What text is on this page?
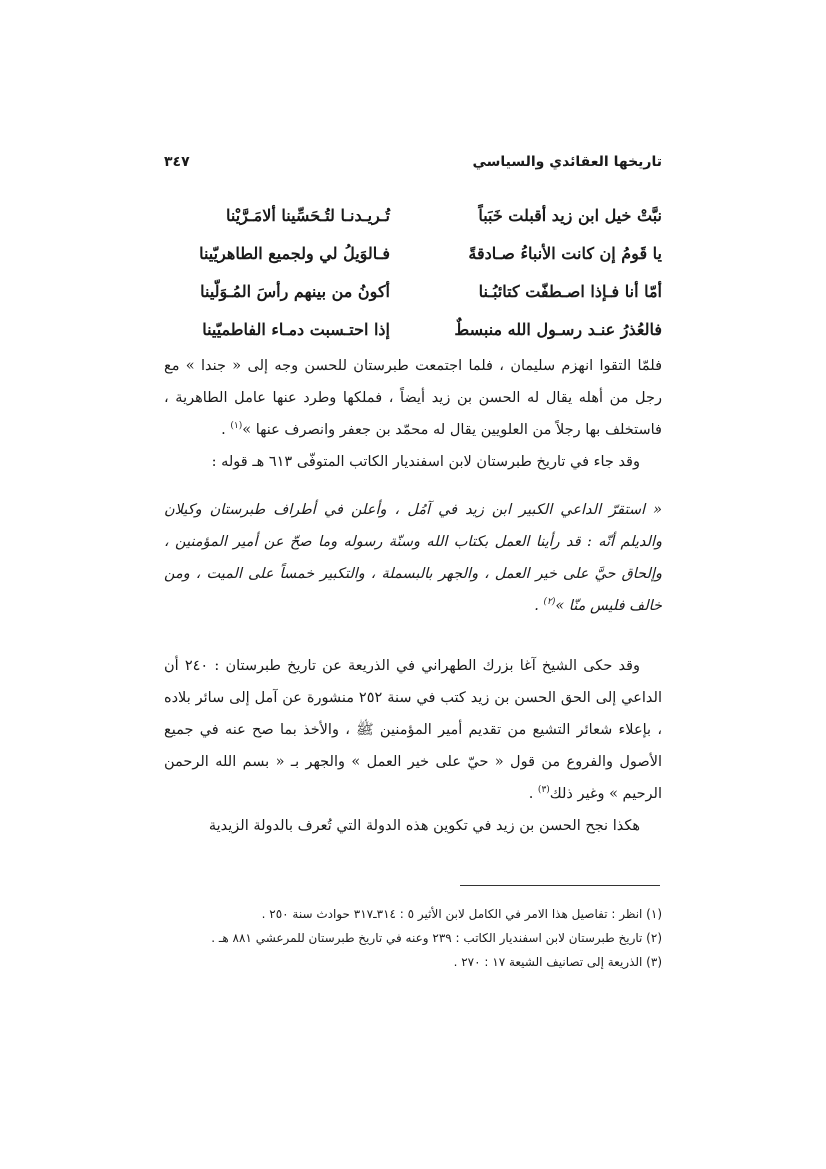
تاريخها العقائدي والسياسي
٣٤٧
نبَّتْ خيل ابن زيد أقبلت خَبَباً
تُـريـدنـا لتُـحَسِّينا ألامَـرَّيْنا
يا قَومُ إن كانت الأنباءُ صـادقةً
فـالوَيلُ لي ولجميع الطاهريّينا
أمّا أنا فـإذا اصـطفّت كتائبُـنا
أكونُ من بينهم رأسَ المُـوَلّينا
فالعُذرُ عنـد رسـول الله منبسطٌ
إذا احتـسبت دمـاء الفاطميّينا

فلمّا التقوا انهزم سليمان ، فلما اجتمعت طبرستان للحسن وجه إلى « جندا » مع رجل من أهله يقال له الحسن بن زيد أيضاً ، فملكها وطرد عنها عامل الطاهرية ، فاستخلف بها رجلاً من العلويين يقال له محمّد بن جعفر وانصرف عنها »$^{(١)}$ .

وقد جاء في تاريخ طبرستان لابن اسفنديار الكاتب المتوفّى ٦١٣ هـ قوله :

« استقرّ الداعي الكبير ابن زيد في آمُل ، وأعلن في أطراف طبرستان وكيلان والديلم أنّه : قد رأينا العمل بكتاب الله وسنّة رسوله وما صحّ عن أمير المؤمنين ، وإلحاق حيَّ على خير العمل ، والجهر بالبسملة ، والتكبير خمساً على الميت ، ومن خالف فليس منّا »$^{(٢)}$ .

وقد حكى الشيخ آغا بزرك الطهراني في الذريعة عن تاريخ طبرستان : ٢٤٠ أن الداعي إلى الحق الحسن بن زيد كتب في سنة ٢٥٢ منشورة عن آمل إلى سائر بلاده ، بإعلاء شعائر التشيع من تقديم أمير المؤمنين ﷺ ، والأخذ بما صح عنه في جميع الأصول والفروع من قول « حيّ على خير العمل » والجهر بـ « بسم الله الرحمن الرحيم » وغير ذلك$^{(٣)}$ .

هكذا نجح الحسن بن زيد في تكوين هذه الدولة التي تُعرف بالدولة الزيدية

(١) انظر : تفاصيل هذا الامر في الكامل لابن الأثير ٥ : ٣١٤ـ٣١٧ حوادث سنة ٢٥٠ .
(٢) تاريخ طبرستان لابن اسفنديار الكاتب : ٢٣٩ وعنه في تاريخ طبرستان للمرعشي ٨٨١ هـ .
(٣) الذريعة إلى تصانيف الشيعة ١٧ : ٢٧٠ .
